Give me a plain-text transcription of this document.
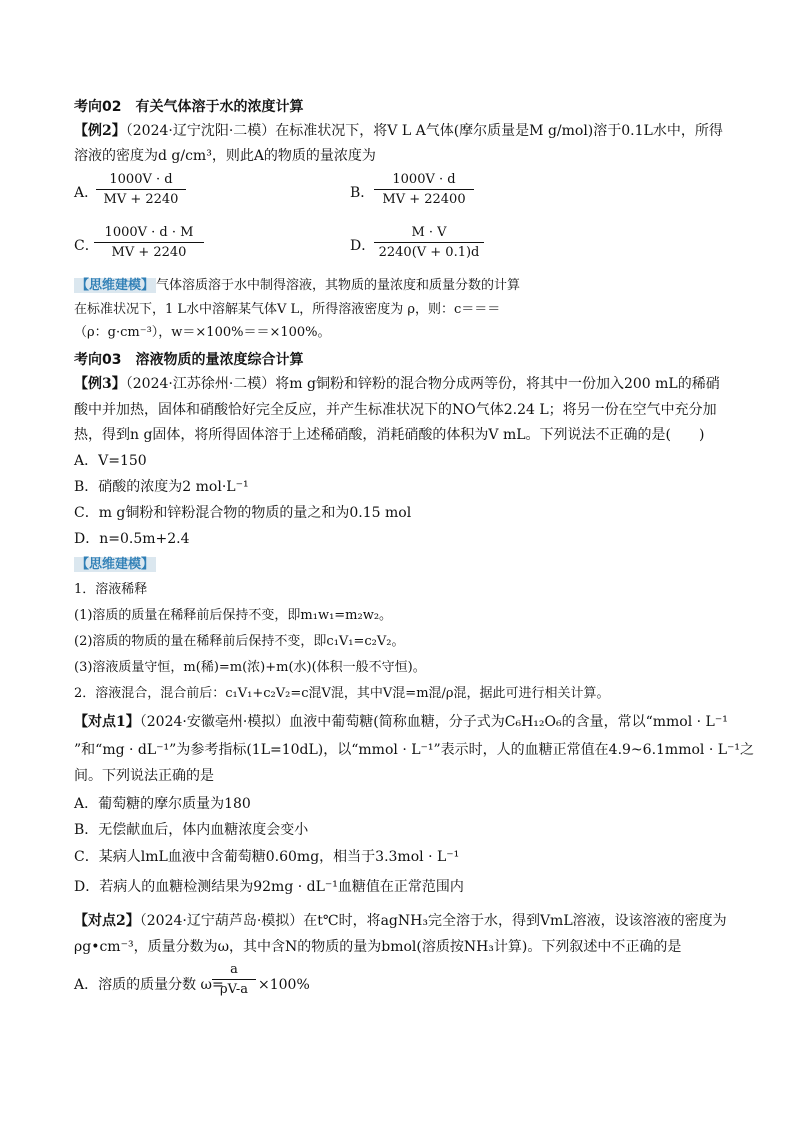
考向02　有关气体溶于水的浓度计算
【例2】（2024·辽宁沈阳·二模）在标准状况下，将V L A气体(摩尔质量是M g/mol)溶于0.1L水中，所得
溶液的密度为d g/cm³，则此A的物质的量浓度为
A．
1000V · d
MV + 2240	B．
1000V · d
MV + 22400
C．
1000V · d · M
MV + 2240	D．
M · V
2240(V + 0.1)d
【思维建模】 气体溶质溶于水中制得溶液，其物质的量浓度和质量分数的计算
在标准状况下，1 L水中溶解某气体V L，所得溶液密度为 ρ，则：c＝＝＝
（ρ：g·cm⁻³），w＝×100%＝＝×100%。
考向03　溶液物质的量浓度综合计算
【例3】（2024·江苏徐州·二模）将m g铜粉和锌粉的混合物分成两等份，将其中一份加入200 mL的稀硝
酸中并加热，固体和硝酸恰好完全反应，并产生标准状况下的NO气体2.24 L；将另一份在空气中充分加
热，得到n g固体，将所得固体溶于上述稀硝酸，消耗硝酸的体积为V mL。下列说法不正确的是(　　)
A．V=150
B．硝酸的浓度为2 mol·L⁻¹
C．m g铜粉和锌粉混合物的物质的量之和为0.15 mol
D．n=0.5m+2.4
【思维建模】
1．溶液稀释
(1)溶质的质量在稀释前后保持不变，即m₁w₁=m₂w₂。
(2)溶质的物质的量在稀释前后保持不变，即c₁V₁=c₂V₂。
(3)溶液质量守恒，m(稀)=m(浓)+m(水)(体积一般不守恒)。
2．溶液混合，混合前后：c₁V₁+c₂V₂=c混V混，其中V混=m混/ρ混，据此可进行相关计算。
【对点1】（2024·安徽亳州·模拟）血液中葡萄糖(简称血糖，分子式为C₆H₁₂O₆的含量，常以“mmol · L⁻¹
”和“mg · dL⁻¹”为参考指标(1L=10dL)，以“mmol · L⁻¹”表示时，人的血糖正常值在4.9~6.1mmol · L⁻¹之
间。下列说法正确的是
A．葡萄糖的摩尔质量为180
B．无偿献血后，体内血糖浓度会变小
C．某病人lmL血液中含葡萄糖0.60mg，相当于3.3mol · L⁻¹
D．若病人的血糖检测结果为92mg · dL⁻¹血糖值在正常范围内
【对点2】（2024·辽宁葫芦岛·模拟）在t℃时，将agNH₃完全溶于水，得到VmL溶液，设该溶液的密度为
ρg•cm⁻³，质量分数为ω，其中含N的物质的量为bmol(溶质按NH₃计算)。下列叙述中不正确的是
A．溶质的质量分数 ω=
a
ρV-a ×100%
